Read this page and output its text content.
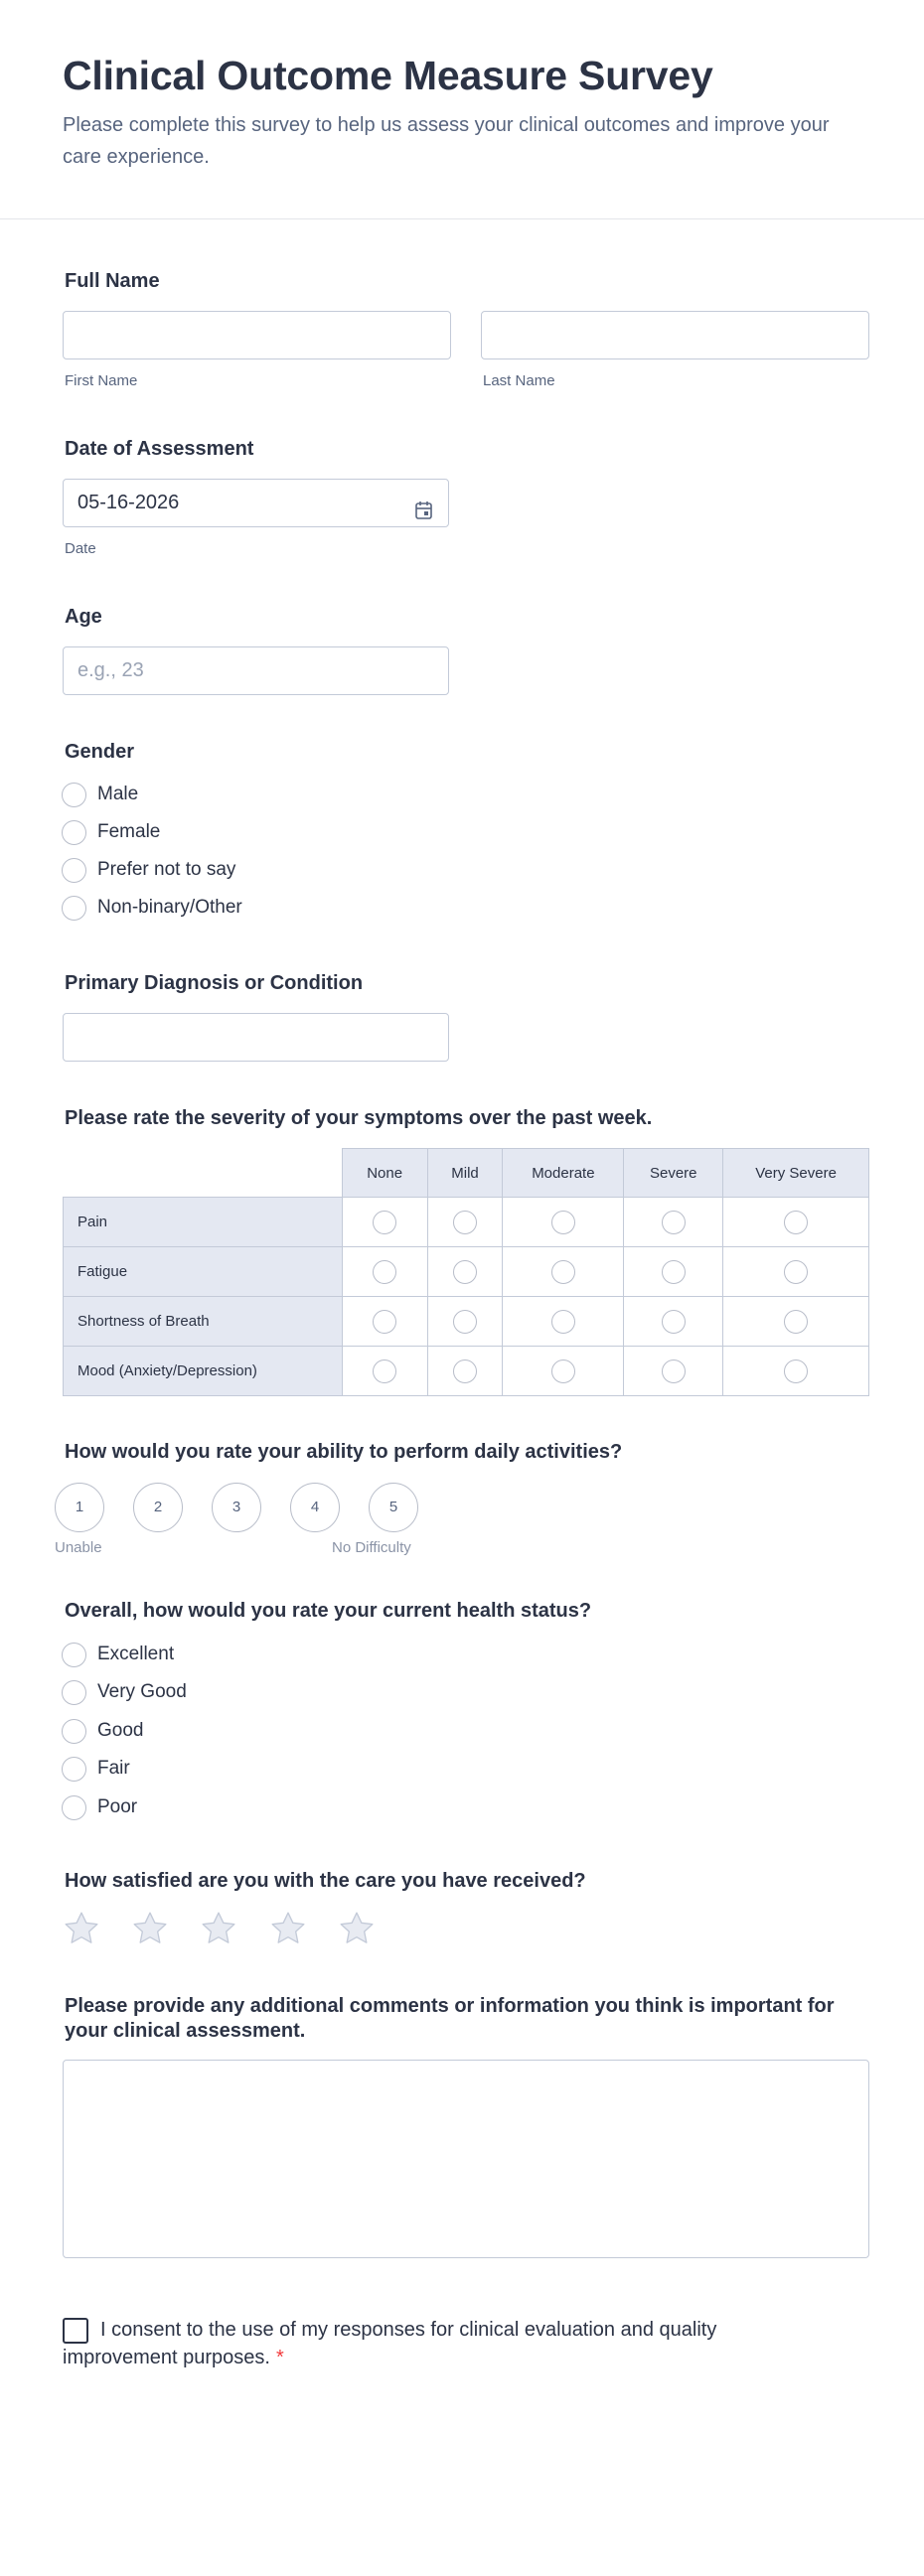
Clinical Outcome Measure Survey

Please complete this survey to help us assess your clinical outcomes and improve your care experience.

Full Name
First Name	Last Name
Date of Assessment
05-16-2026
Date
Age
e.g., 23
Gender
Male
Female
Prefer not to say
Non-binary/Other
Primary Diagnosis or Condition
Please rate the severity of your symptoms over the past week.
	None	Mild	Moderate	Severe	Very Severe
Pain					
Fatigue					
Shortness of Breath					
Mood (Anxiety/Depression)					
How would you rate your ability to perform daily activities?
1	2	3	4	5
Unable	No Difficulty
Overall, how would you rate your current health status?
Excellent
Very Good
Good
Fair
Poor
How satisfied are you with the care you have received?
Please provide any additional comments or information you think is important for
your clinical assessment.
I consent to the use of my responses for clinical evaluation and quality
improvement purposes. *
